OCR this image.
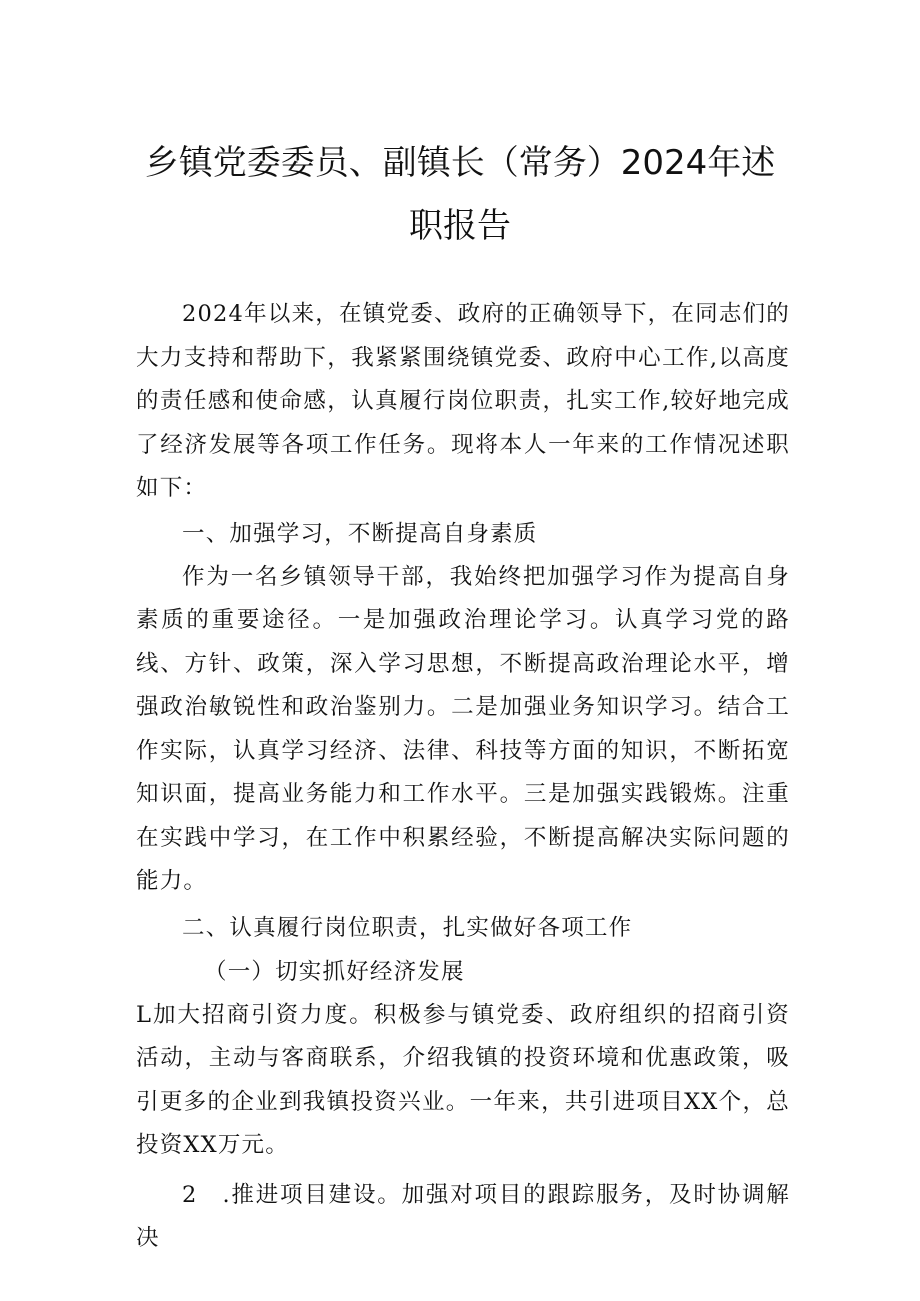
乡镇党委委员、副镇长（常务）2024年述
职报告

2024年以来，在镇党委、政府的正确领导下，在同志们的大力支持和帮助下，我紧紧围绕镇党委、政府中心工作,以高度的责任感和使命感，认真履行岗位职责，扎实工作,较好地完成了经济发展等各项工作任务。现将本人一年来的工作情况述职如下：

一、加强学习，不断提高自身素质

作为一名乡镇领导干部，我始终把加强学习作为提高自身素质的重要途径。一是加强政治理论学习。认真学习党的路线、方针、政策，深入学习思想，不断提高政治理论水平，增强政治敏锐性和政治鉴别力。二是加强业务知识学习。结合工作实际，认真学习经济、法律、科技等方面的知识，不断拓宽知识面，提高业务能力和工作水平。三是加强实践锻炼。注重在实践中学习，在工作中积累经验，不断提高解决实际问题的能力。

二、认真履行岗位职责，扎实做好各项工作

（一）切实抓好经济发展

L加大招商引资力度。积极参与镇党委、政府组织的招商引资活动，主动与客商联系，介绍我镇的投资环境和优惠政策，吸引更多的企业到我镇投资兴业。一年来，共引进项目XX个，总投资XX万元。

2　.推进项目建设。加强对项目的跟踪服务，及时协调解决
